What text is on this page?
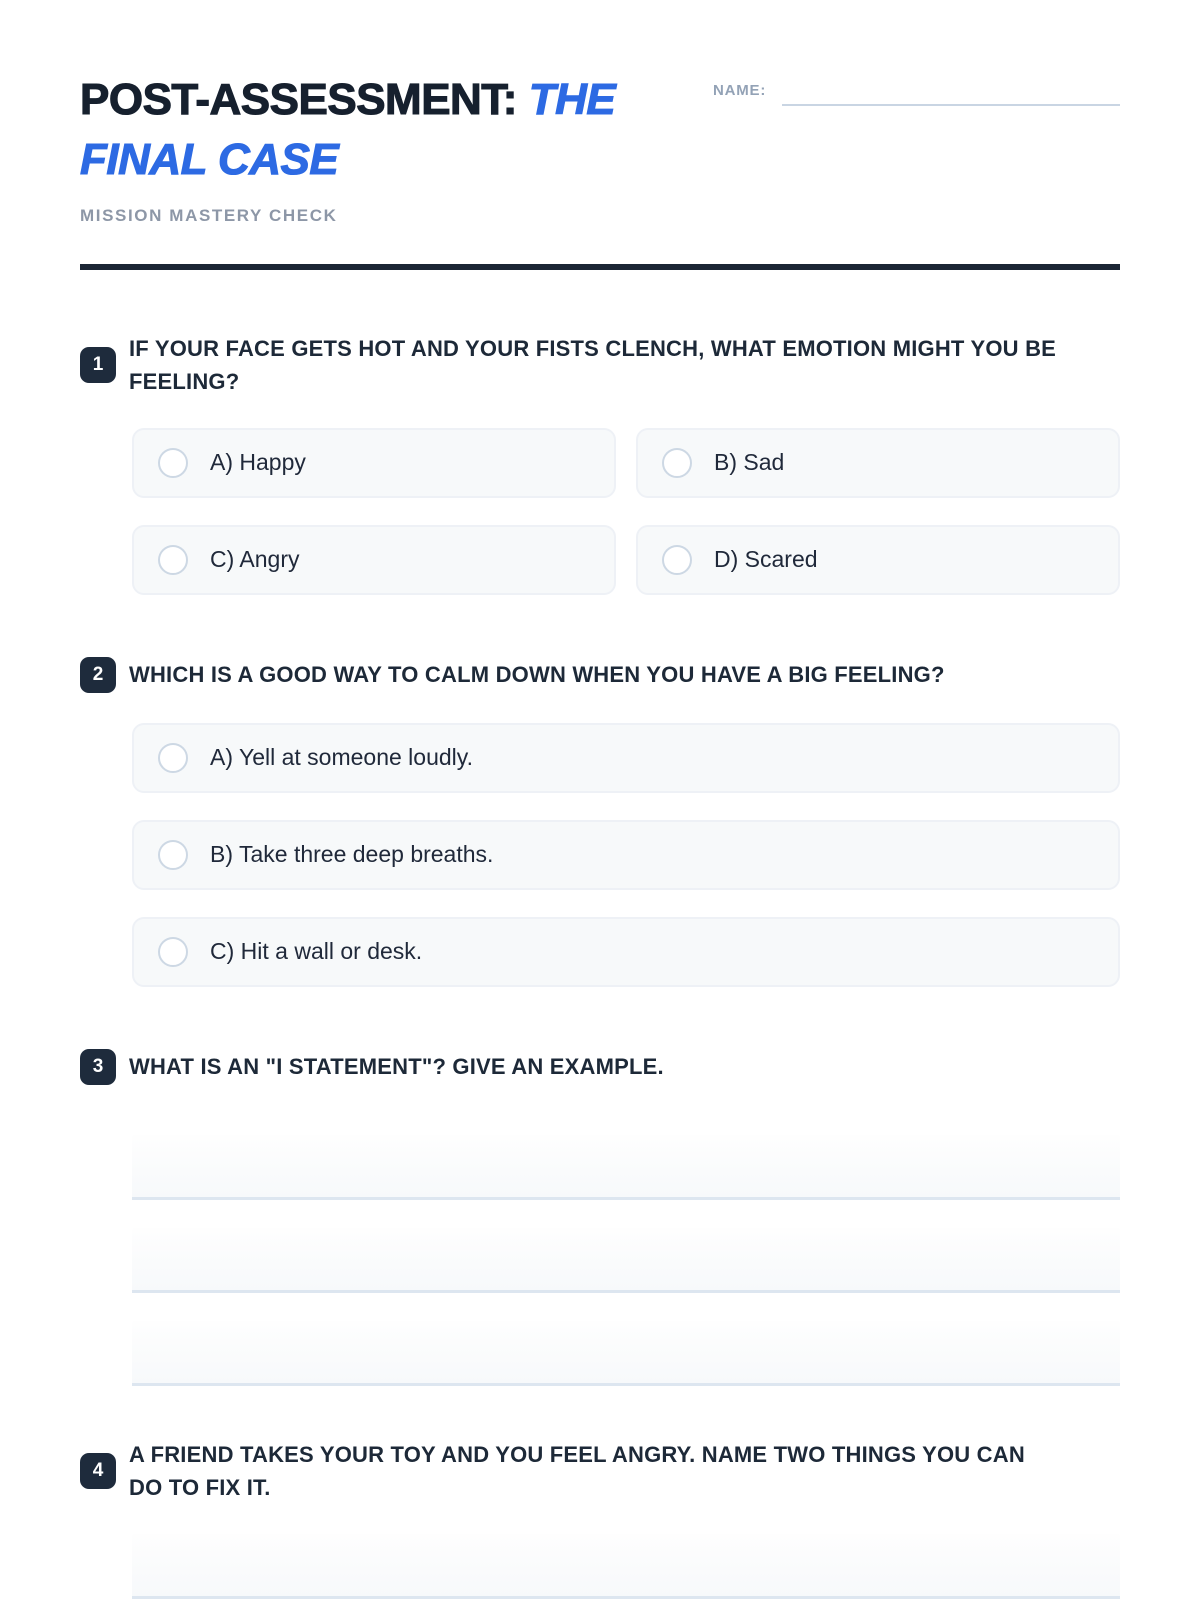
POST-ASSESSMENT: THE FINAL CASE
NAME:
MISSION MASTERY CHECK
1
IF YOUR FACE GETS HOT AND YOUR FISTS CLENCH, WHAT EMOTION MIGHT YOU BE FEELING?
A) Happy	B) Sad
C) Angry	D) Scared
2	WHICH IS A GOOD WAY TO CALM DOWN WHEN YOU HAVE A BIG FEELING?
A) Yell at someone loudly.
B) Take three deep breaths.
C) Hit a wall or desk.
3	WHAT IS AN "I STATEMENT"? GIVE AN EXAMPLE.
4
A FRIEND TAKES YOUR TOY AND YOU FEEL ANGRY. NAME TWO THINGS YOU CAN DO TO FIX IT.
